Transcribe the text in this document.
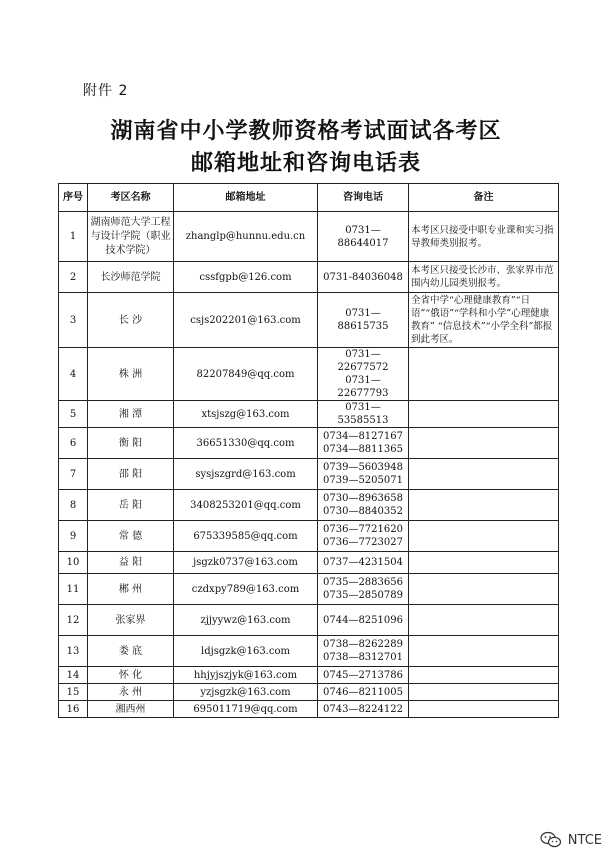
附件 2
湖南省中小学教师资格考试面试各考区
邮箱地址和咨询电话表
序号	考区名称	邮箱地址	咨询电话	备注
1	湖南师范大学工程与设计学院（职业技术学院）	zhanglp@hunnu.edu.cn	0731—88644017	本考区只接受中职专业课和实习指导教师类别报考。
2	长沙师范学院	cssfgpb@126.com	0731-84036048	本考区只接受长沙市、张家界市范围内幼儿园类别报考。
3	长 沙	csjs202201@163.com	0731—88615735	全省中学“心理健康教育”“日语”“俄语”“学科和小学”心理健康教育” “信息技术”“小学全科”都报到此考区。
4	株 洲	82207849@qq.com	0731—22677572
0731—22677793	

5	湘 潭	xtsjszg@163.com	0731—53585513	

6	衡 阳	36651330@qq.com	0734—8127167
0734—8811365	

7	邵 阳	sysjszgrd@163.com	0739—5603948
0739—5205071	

8	岳 阳	3408253201@qq.com	0730—8963658
0730—8840352	

9	常 德	675339585@qq.com	0736—7721620
0736—7723027	

10	益 阳	jsgzk0737@163.com	0737—4231504	

11	郴 州	czdxpy789@163.com	0735—2883656
0735—2850789	

12	张家界	zjjyywz@163.com	0744—8251096	

13	娄 底	ldjsgzk@163.com	0738—8262289
0738—8312701	

14	怀 化	hhjyjszjyk@163.com	0745—2713786	

15	永 州	yzjsgzk@163.com	0746—8211005	

16	湘西州	695011719@qq.com	0743—8224122	

NTCE
